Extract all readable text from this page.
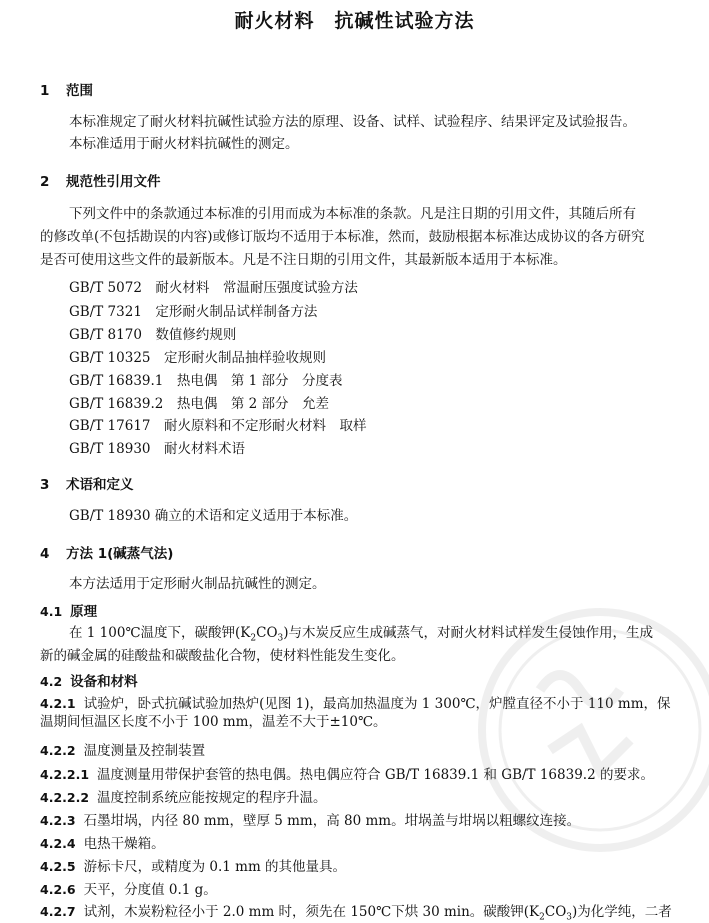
耐火材料　抗碱性试验方法
1 范围
本标准规定了耐火材料抗碱性试验方法的原理、设备、试样、试验程序、结果评定及试验报告。
本标准适用于耐火材料抗碱性的测定。
2 规范性引用文件
下列文件中的条款通过本标准的引用而成为本标准的条款。凡是注日期的引用文件，其随后所有
的修改单(不包括勘误的内容)或修订版均不适用于本标准，然而，鼓励根据本标准达成协议的各方研究
是否可使用这些文件的最新版本。凡是不注日期的引用文件，其最新版本适用于本标准。
GB/T 5072　耐火材料　常温耐压强度试验方法
GB/T 7321　定形耐火制品试样制备方法
GB/T 8170　数值修约规则
GB/T 10325　定形耐火制品抽样验收规则
GB/T 16839.1　热电偶　第 1 部分　分度表
GB/T 16839.2　热电偶　第 2 部分　允差
GB/T 17617　耐火原料和不定形耐火材料　取样
GB/T 18930　耐火材料术语
3 术语和定义
GB/T 18930 确立的术语和定义适用于本标准。
4 方法 1(碱蒸气法)
本方法适用于定形耐火制品抗碱性的测定。
4.1 原理
在 1 100℃温度下，碳酸钾$(K_2CO_3)$与木炭反应生成碱蒸气，对耐火材料试样发生侵蚀作用，生成
新的碱金属的硅酸盐和碳酸盐化合物，使材料性能发生变化。
4.2 设备和材料
4.2.1 试验炉，卧式抗碱试验加热炉(见图 1)，最高加热温度为 1 300℃，炉膛直径不小于 110 mm，保
温期间恒温区长度不小于 100 mm，温差不大于±10℃。
4.2.2 温度测量及控制装置
4.2.2.1 温度测量用带保护套管的热电偶。热电偶应符合 GB/T 16839.1 和 GB/T 16839.2 的要求。
4.2.2.2 温度控制系统应能按规定的程序升温。
4.2.3 石墨坩埚，内径 80 mm，壁厚 5 mm，高 80 mm。坩埚盖与坩埚以粗螺纹连接。
4.2.4 电热干燥箱。
4.2.5 游标卡尺，或精度为 0.1 mm 的其他量具。
4.2.6 天平，分度值 0.1 g。
4.2.7 试剂，木炭粉粒径小于 2.0 mm 时，须先在 150℃下烘 30 min。碳酸钾$(K_2CO_3)$为化学纯，二者
